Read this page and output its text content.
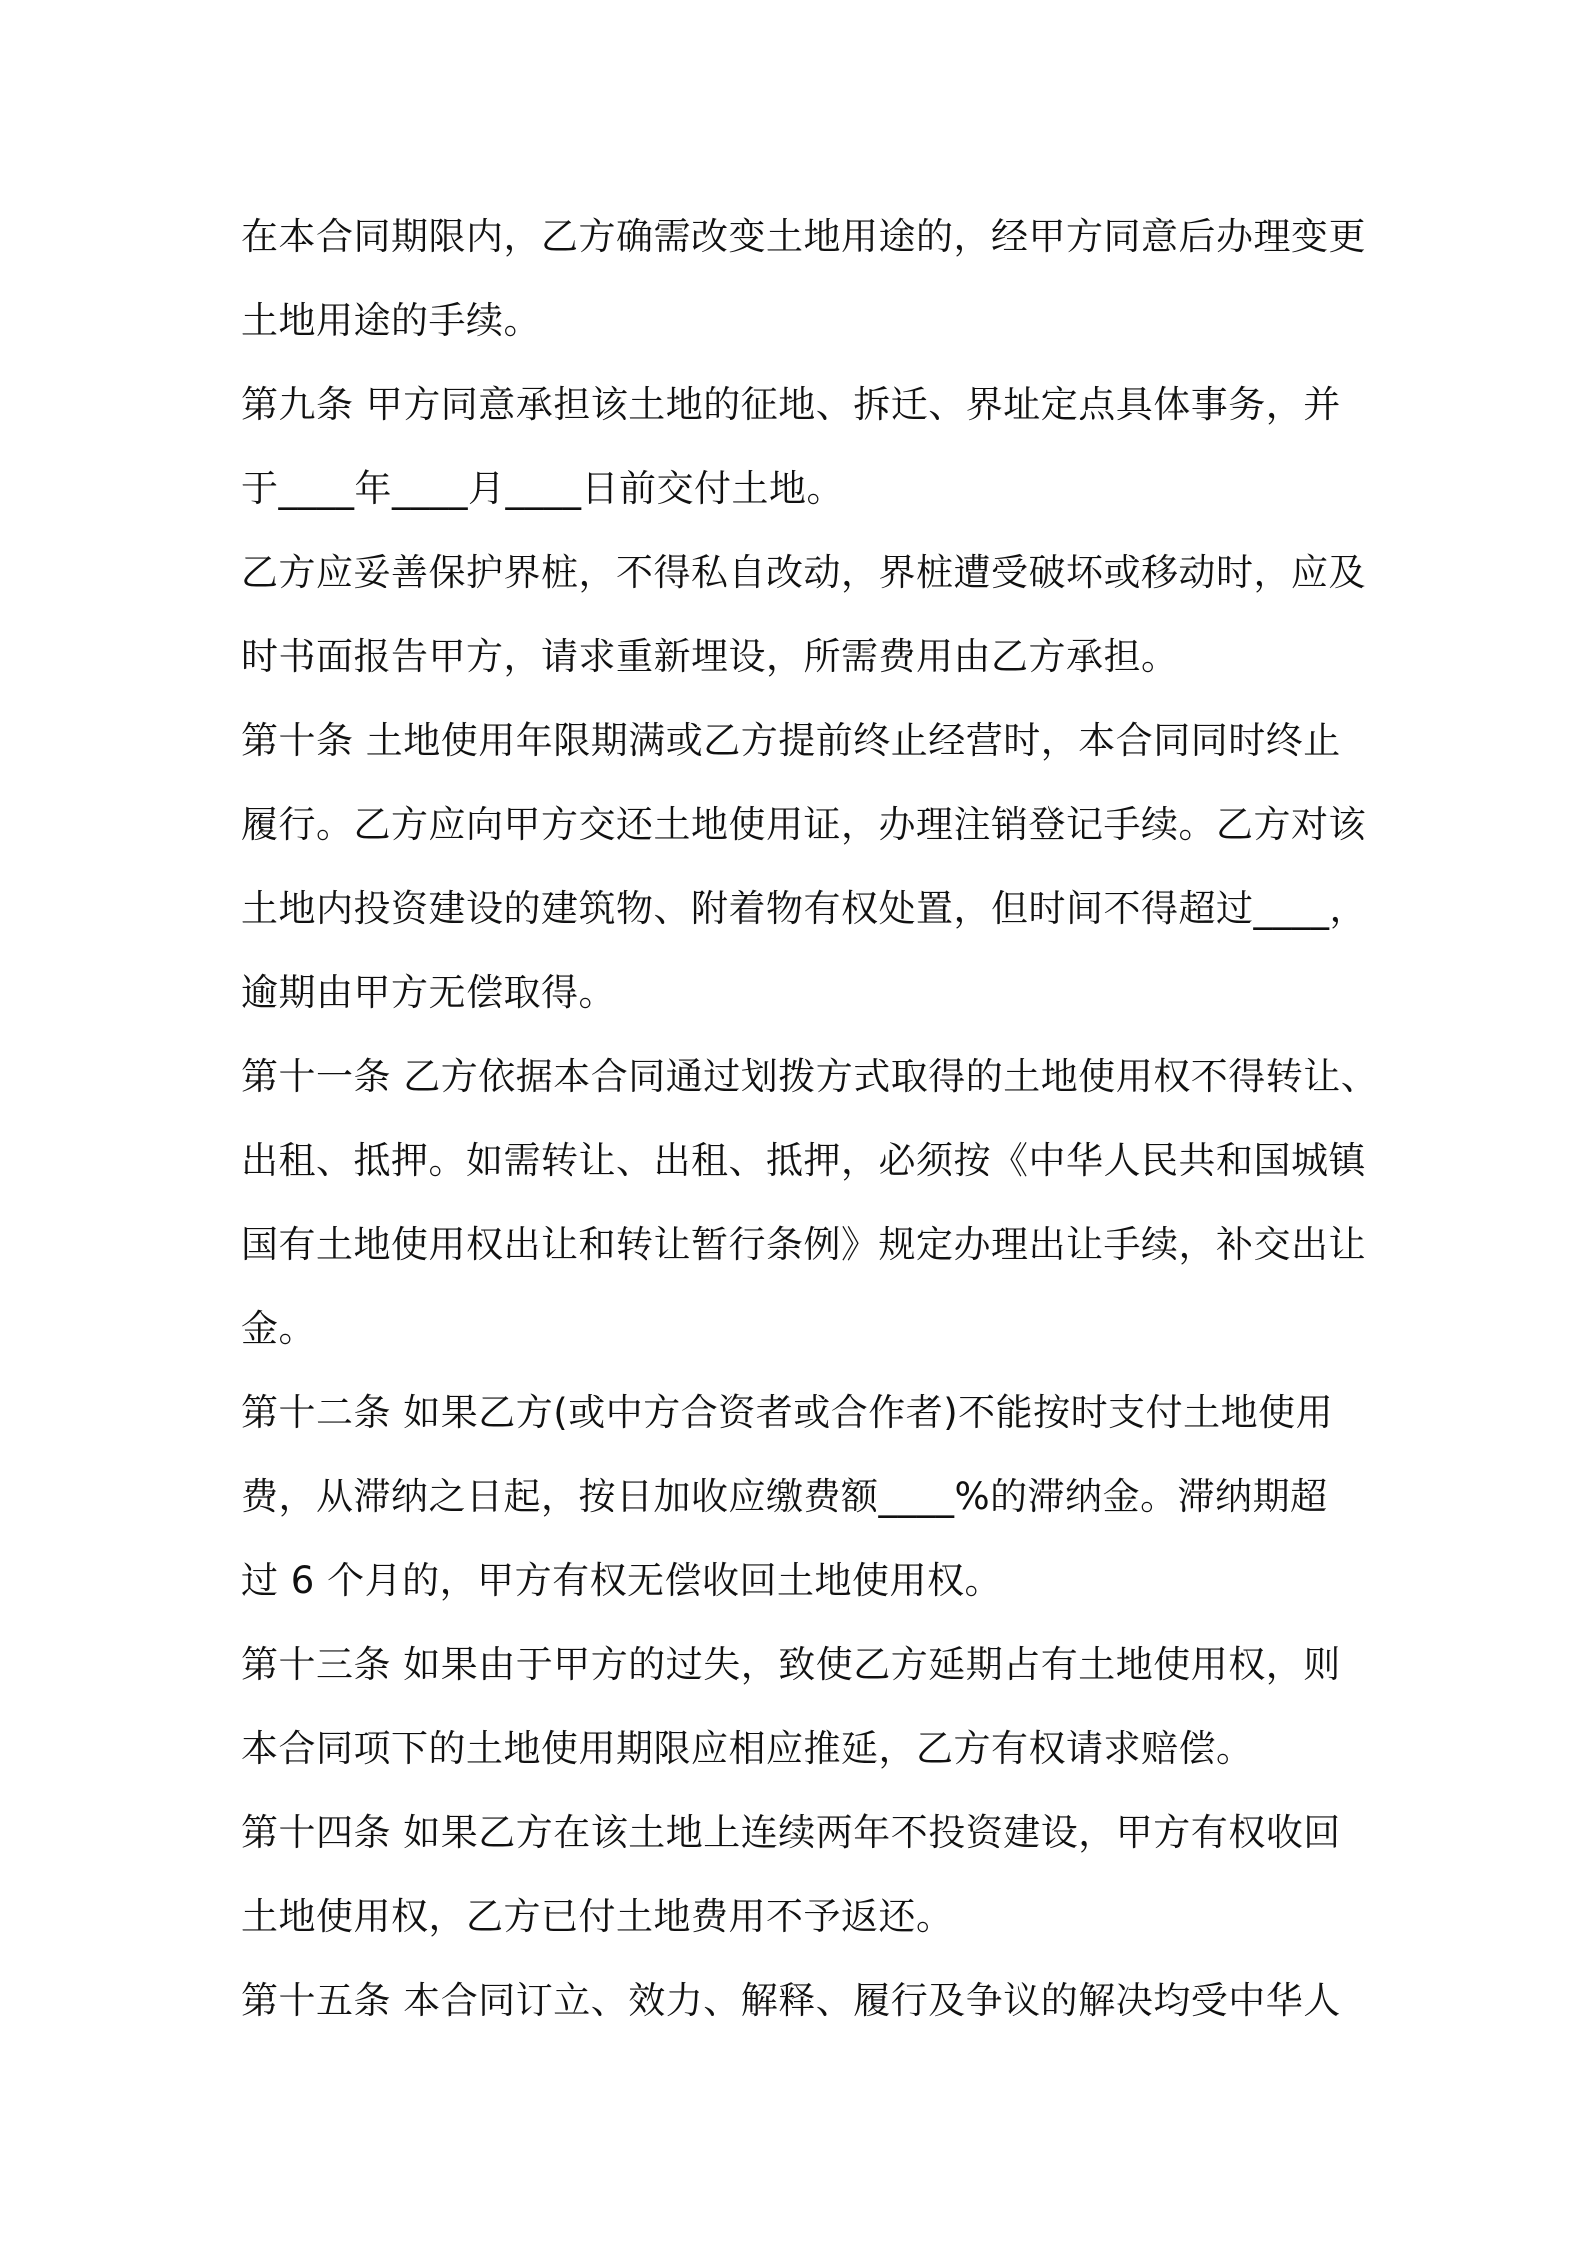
在本合同期限内，乙方确需改变土地用途的，经甲方同意后办理变更
土地用途的手续。
第九条 甲方同意承担该土地的征地、拆迁、界址定点具体事务，并
于____年____月____日前交付土地。
乙方应妥善保护界桩，不得私自改动，界桩遭受破坏或移动时，应及
时书面报告甲方，请求重新埋设，所需费用由乙方承担。
第十条 土地使用年限期满或乙方提前终止经营时，本合同同时终止
履行。乙方应向甲方交还土地使用证，办理注销登记手续。乙方对该
土地内投资建设的建筑物、附着物有权处置，但时间不得超过____，
逾期由甲方无偿取得。
第十一条 乙方依据本合同通过划拨方式取得的土地使用权不得转让、
出租、抵押。如需转让、出租、抵押，必须按《中华人民共和国城镇
国有土地使用权出让和转让暂行条例》规定办理出让手续，补交出让
金。
第十二条 如果乙方(或中方合资者或合作者)不能按时支付土地使用
费，从滞纳之日起，按日加收应缴费额____%的滞纳金。滞纳期超
过 6 个月的，甲方有权无偿收回土地使用权。
第十三条 如果由于甲方的过失，致使乙方延期占有土地使用权，则
本合同项下的土地使用期限应相应推延，乙方有权请求赔偿。
第十四条 如果乙方在该土地上连续两年不投资建设，甲方有权收回
土地使用权，乙方已付土地费用不予返还。
第十五条 本合同订立、效力、解释、履行及争议的解决均受中华人
